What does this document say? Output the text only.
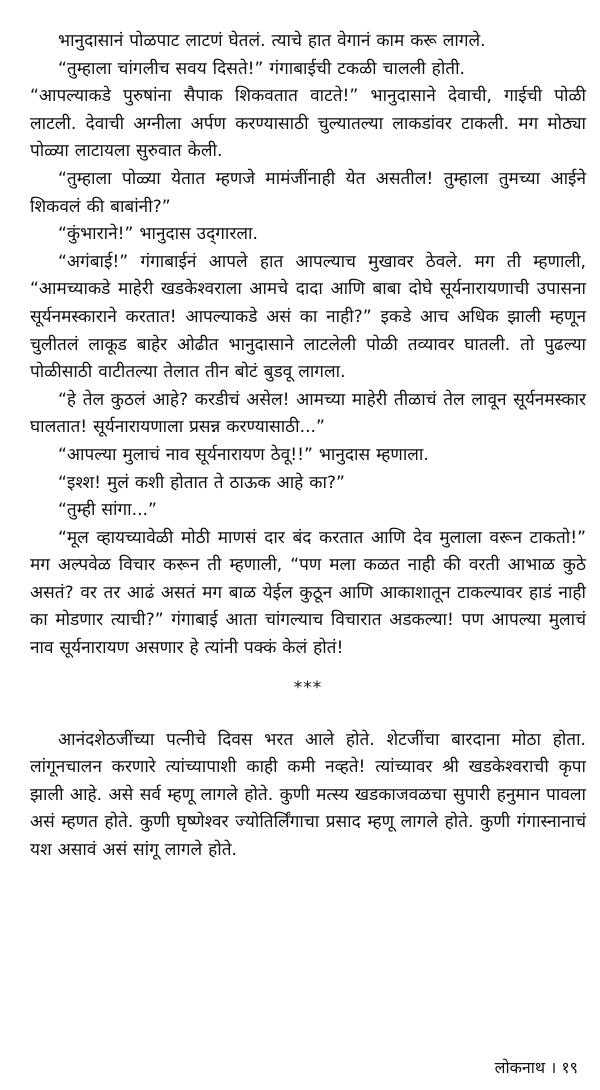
भानुदासानं पोळपाट लाटणं घेतलं. त्याचे हात वेगानं काम करू लागले.

“तुम्हाला चांगलीच सवय दिसते!” गंगाबाईची टकळी चालली होती.

“आपल्याकडे पुरुषांना सैपाक शिकवतात वाटते!” भानुदासाने देवाची, गाईची पोळी लाटली. देवाची अग्नीला अर्पण करण्यासाठी चुल्यातल्या लाकडांवर टाकली. मग मोठ्या पोळ्या लाटायला सुरुवात केली.

“तुम्हाला पोळ्या येतात म्हणजे मामंजींनाही येत असतील! तुम्हाला तुमच्या आईने शिकवलं की बाबांनी?”

“कुंभाराने!” भानुदास उद्‌गारला.

“अगंबाई!” गंगाबाईनं आपले हात आपल्याच मुखावर ठेवले. मग ती म्हणाली, “आमच्याकडे माहेरी खडकेश्वराला आमचे दादा आणि बाबा दोघे सूर्यनारायणाची उपासना सूर्यनमस्काराने करतात! आपल्याकडे असं का नाही?” इकडे आच अधिक झाली म्हणून चुलीतलं लाकूड बाहेर ओढीत भानुदासाने लाटलेली पोळी तव्यावर घातली. तो पुढल्या पोळीसाठी वाटीतल्या तेलात तीन बोटं बुडवू लागला.

“हे तेल कुठलं आहे? करडीचं असेल! आमच्या माहेरी तीळाचं तेल लावून सूर्यनमस्कार घालतात! सूर्यनारायणाला प्रसन्न करण्यासाठी...”

“आपल्या मुलाचं नाव सूर्यनारायण ठेवू!!” भानुदास म्हणाला.

“इश्श! मुलं कशी होतात ते ठाऊक आहे का?”

“तुम्ही सांगा...”

“मूल व्हायच्यावेळी मोठी माणसं दार बंद करतात आणि देव मुलाला वरून टाकतो!” मग अल्पवेळ विचार करून ती म्हणाली, “पण मला कळत नाही की वरती आभाळ कुठे असतं? वर तर आढं असतं मग बाळ येईल कुठून आणि आकाशातून टाकल्यावर हाडं नाही का मोडणार त्याची?” गंगाबाई आता चांगल्याच विचारात अडकल्या! पण आपल्या मुलाचं नाव सूर्यनारायण असणार हे त्यांनी पक्कं केलं होतं!

***

आनंदशेठजींच्या पत्नीचे दिवस भरत आले होते. शेटजींचा बारदाना मोठा होता. लांगूनचालन करणारे त्यांच्यापाशी काही कमी नव्हते! त्यांच्यावर श्री खडकेश्वराची कृपा झाली आहे. असे सर्व म्हणू लागले होते. कुणी मत्स्य खडकाजवळचा सुपारी हनुमान पावला असं म्हणत होते. कुणी घृष्णेश्वर ज्योतिर्लिंगाचा प्रसाद म्हणू लागले होते. कुणी गंगास्नानाचं यश असावं असं सांगू लागले होते.

लोकनाथ । १९
